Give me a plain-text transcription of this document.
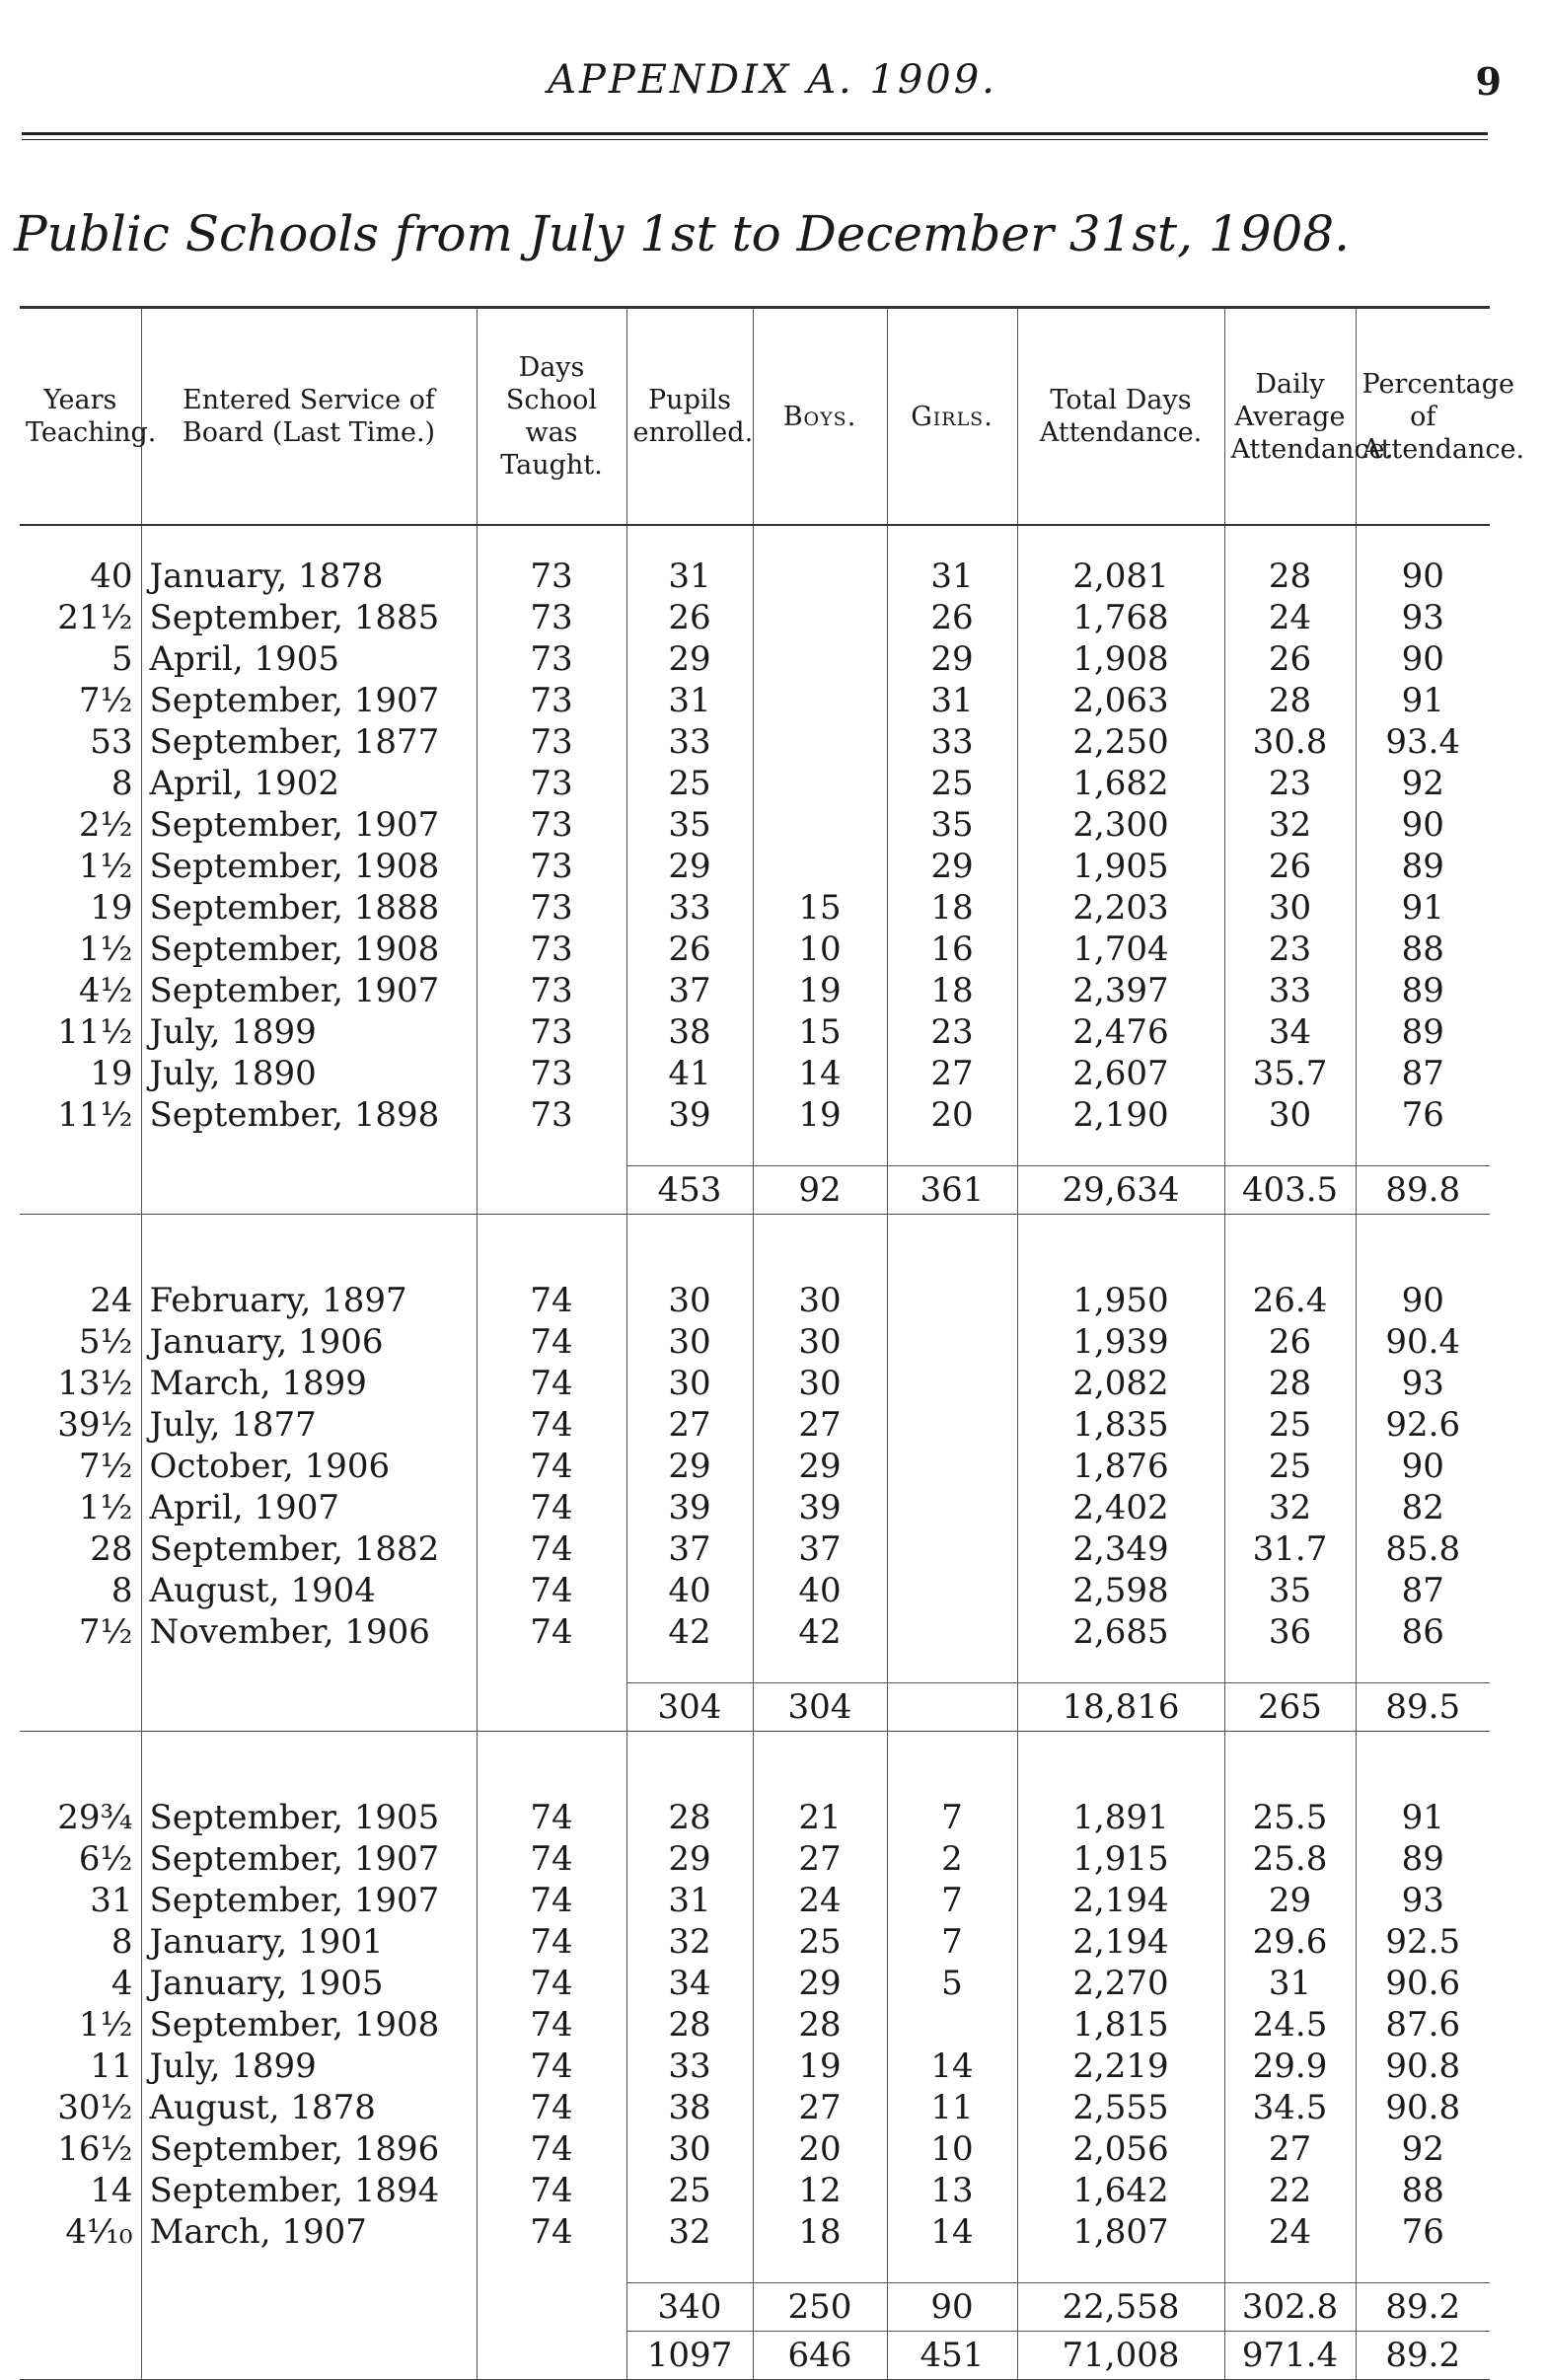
APPENDIX A. 1909.	9
Public Schools from July 1st to December 31st, 1908.
Years Teaching.	Entered Service of Board (Last Time.)	Days School was Taught.	Pupils enrolled.	Boys.	Girls.	Total Days Attendance.	Daily Average Attendance.	Percentage of Attendance.

40	January, 1878	73	31		31	2,081	28	90
21½	September, 1885	73	26		26	1,768	24	93
5	April, 1905	73	29		29	1,908	26	90
7½	September, 1907	73	31		31	2,063	28	91
53	September, 1877	73	33		33	2,250	30.8	93.4
8	April, 1902	73	25		25	1,682	23	92
2½	September, 1907	73	35		35	2,300	32	90
1½	September, 1908	73	29		29	1,905	26	89
19	September, 1888	73	33	15	18	2,203	30	91
1½	September, 1908	73	26	10	16	1,704	23	88
4½	September, 1907	73	37	19	18	2,397	33	89
11½	July, 1899	73	38	15	23	2,476	34	89
19	July, 1890	73	41	14	27	2,607	35.7	87
11½	September, 1898	73	39	19	20	2,190	30	76

			453	92	361	29,634	403.5	89.8

24	February, 1897	74	30	30		1,950	26.4	90
5½	January, 1906	74	30	30		1,939	26	90.4
13½	March, 1899	74	30	30		2,082	28	93
39½	July, 1877	74	27	27		1,835	25	92.6
7½	October, 1906	74	29	29		1,876	25	90
1½	April, 1907	74	39	39		2,402	32	82
28	September, 1882	74	37	37		2,349	31.7	85.8
8	August, 1904	74	40	40		2,598	35	87
7½	November, 1906	74	42	42		2,685	36	86

			304	304		18,816	265	89.5

29¾	September, 1905	74	28	21	7	1,891	25.5	91
6½	September, 1907	74	29	27	2	1,915	25.8	89
31	September, 1907	74	31	24	7	2,194	29	93
8	January, 1901	74	32	25	7	2,194	29.6	92.5
4	January, 1905	74	34	29	5	2,270	31	90.6
1½	September, 1908	74	28	28		1,815	24.5	87.6
11	July, 1899	74	33	19	14	2,219	29.9	90.8
30½	August, 1878	74	38	27	11	2,555	34.5	90.8
16½	September, 1896	74	30	20	10	2,056	27	92
14	September, 1894	74	25	12	13	1,642	22	88
4⅒	March, 1907	74	32	18	14	1,807	24	76

			340	250	90	22,558	302.8	89.2
			1097	646	451	71,008	971.4	89.2
